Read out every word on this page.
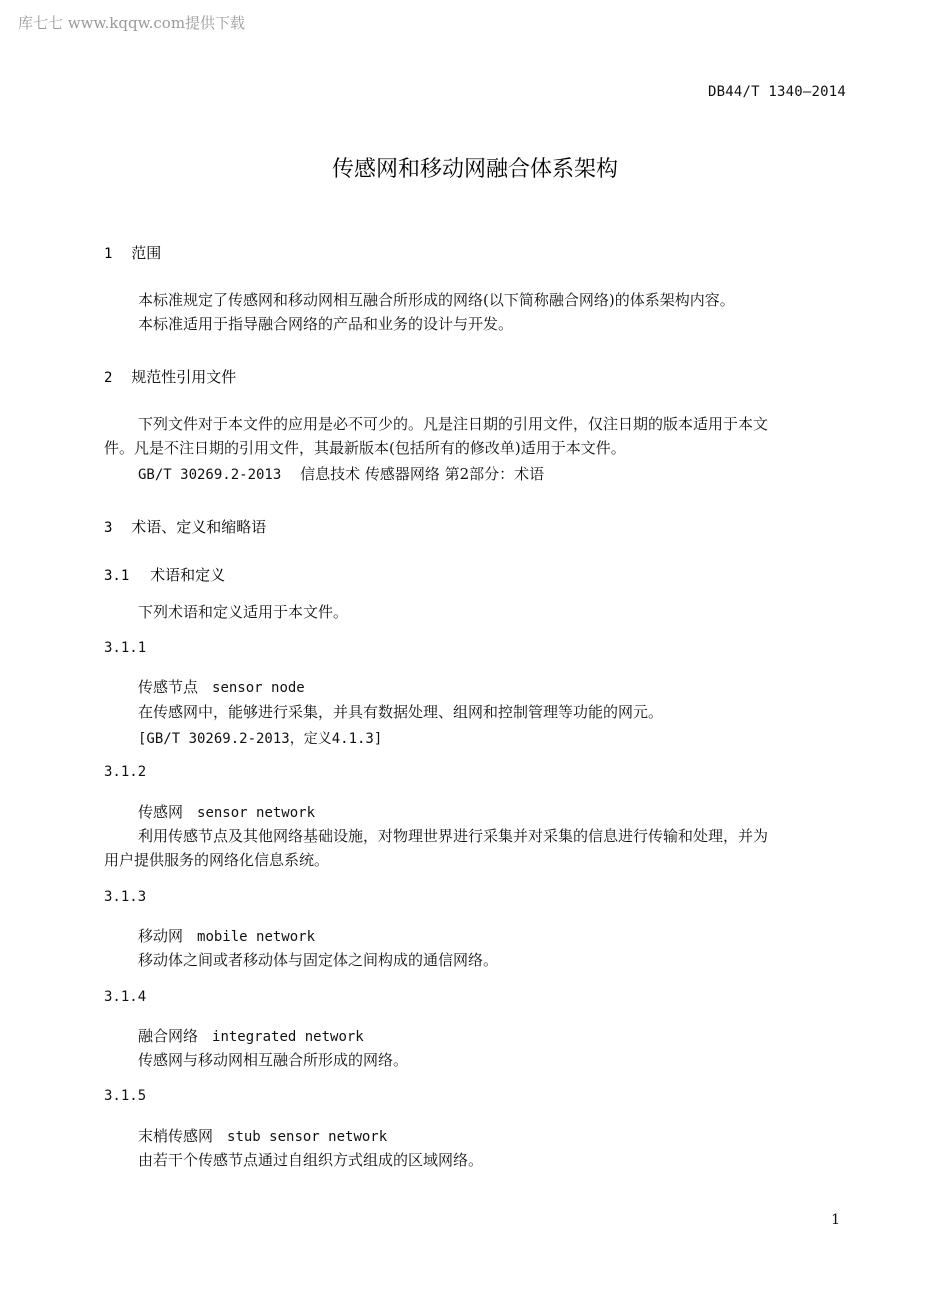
库七七 www.kqqw.com提供下载
DB44/T 1340—2014
传感网和移动网融合体系架构
1 范围
本标准规定了传感网和移动网相互融合所形成的网络(以下简称融合网络)的体系架构内容。
本标准适用于指导融合网络的产品和业务的设计与开发。
2 规范性引用文件
下列文件对于本文件的应用是必不可少的。凡是注日期的引用文件，仅注日期的版本适用于本文
件。凡是不注日期的引用文件，其最新版本(包括所有的修改单)适用于本文件。
GB/T 30269.2-2013 信息技术 传感器网络 第2部分：术语
3 术语、定义和缩略语
3.1 术语和定义
下列术语和定义适用于本文件。
3.1.1
传感节点 sensor node
在传感网中，能够进行采集，并具有数据处理、组网和控制管理等功能的网元。
[GB/T 30269.2-2013，定义4.1.3]
3.1.2
传感网 sensor network
利用传感节点及其他网络基础设施，对物理世界进行采集并对采集的信息进行传输和处理，并为
用户提供服务的网络化信息系统。
3.1.3
移动网 mobile network
移动体之间或者移动体与固定体之间构成的通信网络。
3.1.4
融合网络 integrated network
传感网与移动网相互融合所形成的网络。
3.1.5
末梢传感网 stub sensor network
由若干个传感节点通过自组织方式组成的区域网络。
1
